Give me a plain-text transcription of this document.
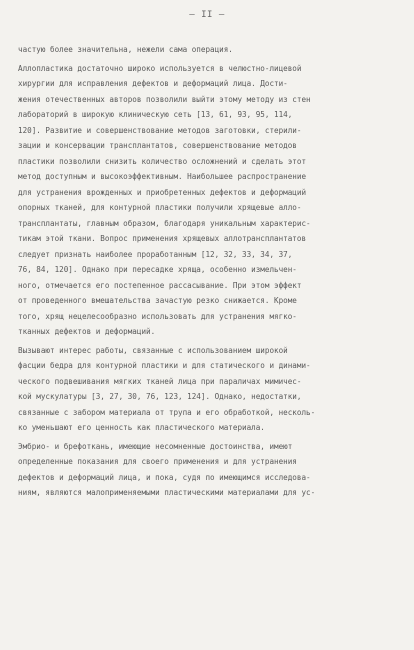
– II –
частую более значительна, нежели сама операция.
Аллопластика достаточно широко используется в челюстно-лицевой
хирургии для исправления дефектов и деформаций лица. Дости-
жения отечественных авторов позволили выйти этому методу из стен
лабораторий в широкую клиническую сеть [13, 61, 93, 95, 114,
120]. Развитие и совершенствование методов заготовки, стерили-
зации и консервации трансплантатов, совершенствование методов
пластики позволили снизить количество осложнений и сделать этот
метод доступным и высокоэффективным. Наибольшее распространение
для устранения врожденных и приобретенных дефектов и деформаций
опорных тканей, для контурной пластики получили хрящевые алло-
трансплантаты, главным образом, благодаря уникальным характерис-
тикам этой ткани. Вопрос применения хрящевых аллотрансплантатов
следует признать наиболее проработанным [12, 32, 33, 34, 37,
76, 84, 120]. Однако при пересадке хряща, особенно измельчен-
ного, отмечается его постепенное рассасывание. При этом эффект
от проведенного вмешательства зачастую резко снижается. Кроме
того, хрящ нецелесообразно использовать для устранения мягко-
тканных дефектов и деформаций.
Вызывают интерес работы, связанные с использованием широкой
фасции бедра для контурной пластики и для статического и динами-
ческого подвешивания мягких тканей лица при параличах мимичес-
кой мускулатуры [3, 27, 30, 76, 123, 124]. Однако, недостатки,
связанные с забором материала от трупа и его обработкой, несколь-
ко уменьшают его ценность как пластического материала.
Эмбрио- и брефоткань, имеющие несомненные достоинства, имеют
определенные показания для своего применения и для устранения
дефектов и деформаций лица, и пока, судя по имеющимся исследова-
ниям, являются малоприменяемыми пластическими материалами для ус-
